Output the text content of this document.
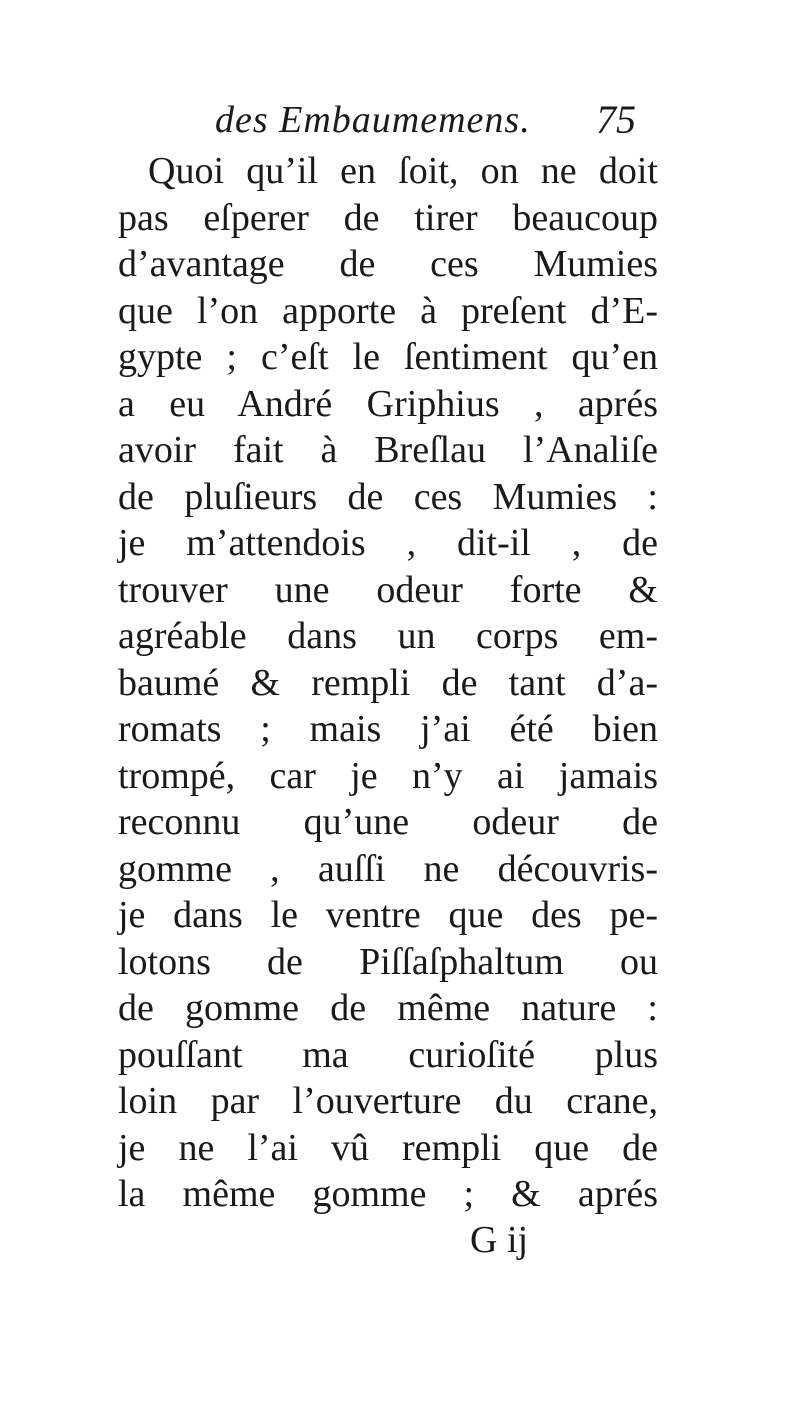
des Embaumemens. 75
Quoi qu’il en ſoit, on ne doit
pas eſperer de tirer beaucoup
d’avantage de ces Mumies
que l’on apporte à preſent d’E-
gypte ; c’eſt le ſentiment qu’en
a eu André Griphius , aprés
avoir fait à Breſlau l’Analiſe
de pluſieurs de ces Mumies :
je m’attendois , dit-il , de
trouver une odeur forte &
agréable dans un corps em-
baumé & rempli de tant d’a-
romats ; mais j’ai été bien
trompé, car je n’y ai jamais
reconnu qu’une odeur de
gomme , auſſi ne découvris-
je dans le ventre que des pe-
lotons de Piſſaſphaltum ou
de gomme de même nature :
pouſſant ma curioſité plus
loin par l’ouverture du crane,
je ne l’ai vû rempli que de
la même gomme ; & aprés
G ij
